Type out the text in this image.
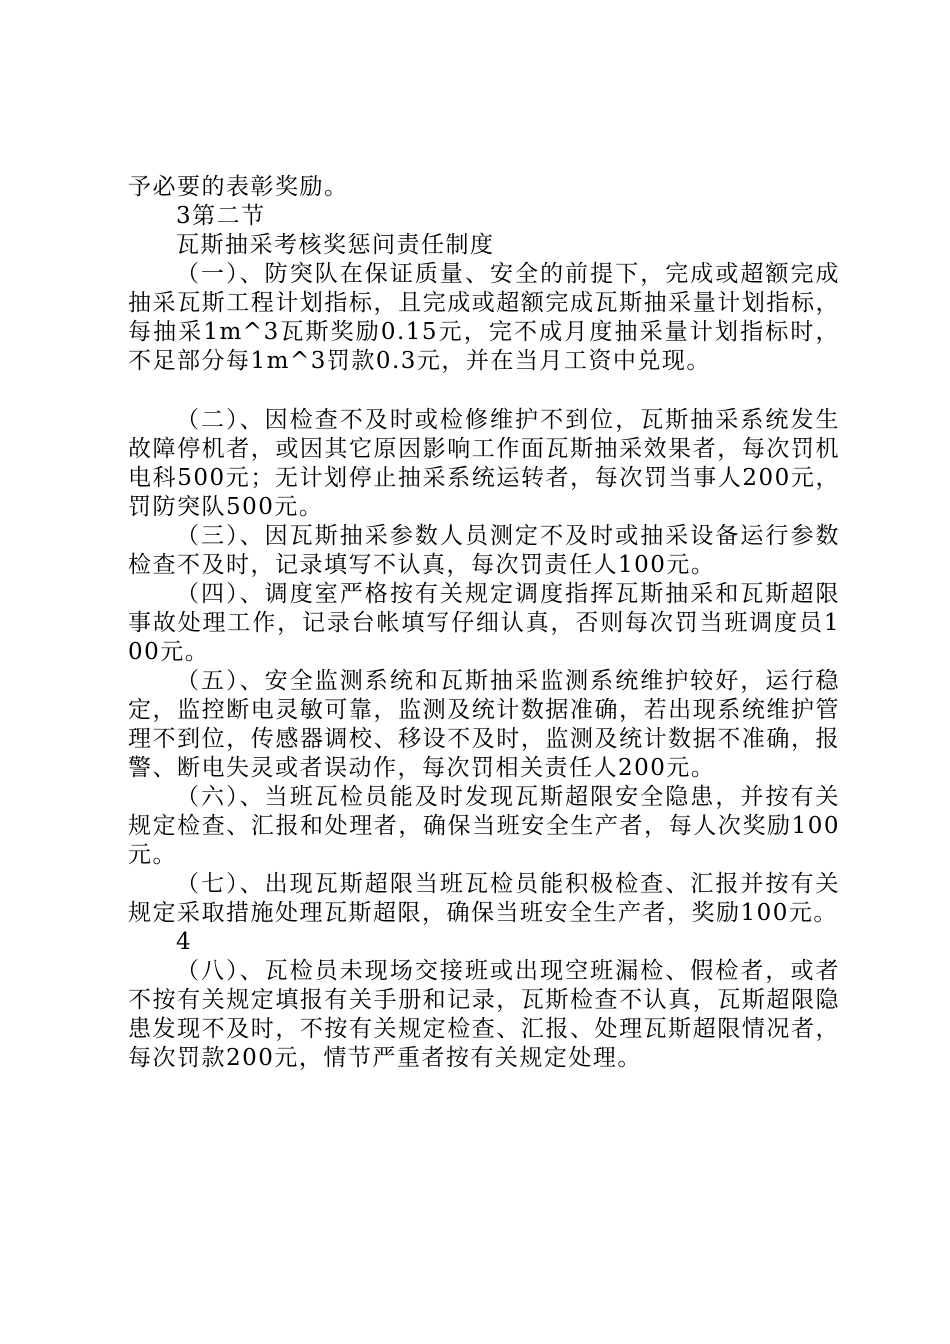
予必要的表彰奖励。

3第二节

瓦斯抽采考核奖惩问责任制度

（一）、防突队在保证质量、安全的前提下，完成或超额完成抽采瓦斯工程计划指标，且完成或超额完成瓦斯抽采量计划指标，每抽采1m^3瓦斯奖励0.15元，完不成月度抽采量计划指标时，不足部分每1m^3罚款0.3元，并在当月工资中兑现。

（二）、因检查不及时或检修维护不到位，瓦斯抽采系统发生故障停机者，或因其它原因影响工作面瓦斯抽采效果者，每次罚机电科500元；无计划停止抽采系统运转者，每次罚当事人200元，罚防突队500元。

（三）、因瓦斯抽采参数人员测定不及时或抽采设备运行参数检查不及时，记录填写不认真，每次罚责任人100元。

（四）、调度室严格按有关规定调度指挥瓦斯抽采和瓦斯超限事故处理工作，记录台帐填写仔细认真，否则每次罚当班调度员100元。

（五）、安全监测系统和瓦斯抽采监测系统维护较好，运行稳定，监控断电灵敏可靠，监测及统计数据准确，若出现系统维护管理不到位，传感器调校、移设不及时，监测及统计数据不准确，报警、断电失灵或者误动作，每次罚相关责任人200元。

（六）、当班瓦检员能及时发现瓦斯超限安全隐患，并按有关规定检查、汇报和处理者，确保当班安全生产者，每人次奖励100元。

（七）、出现瓦斯超限当班瓦检员能积极检查、汇报并按有关规定采取措施处理瓦斯超限，确保当班安全生产者，奖励100元。

4

（八）、瓦检员未现场交接班或出现空班漏检、假检者，或者不按有关规定填报有关手册和记录，瓦斯检查不认真，瓦斯超限隐患发现不及时，不按有关规定检查、汇报、处理瓦斯超限情况者，每次罚款200元，情节严重者按有关规定处理。
